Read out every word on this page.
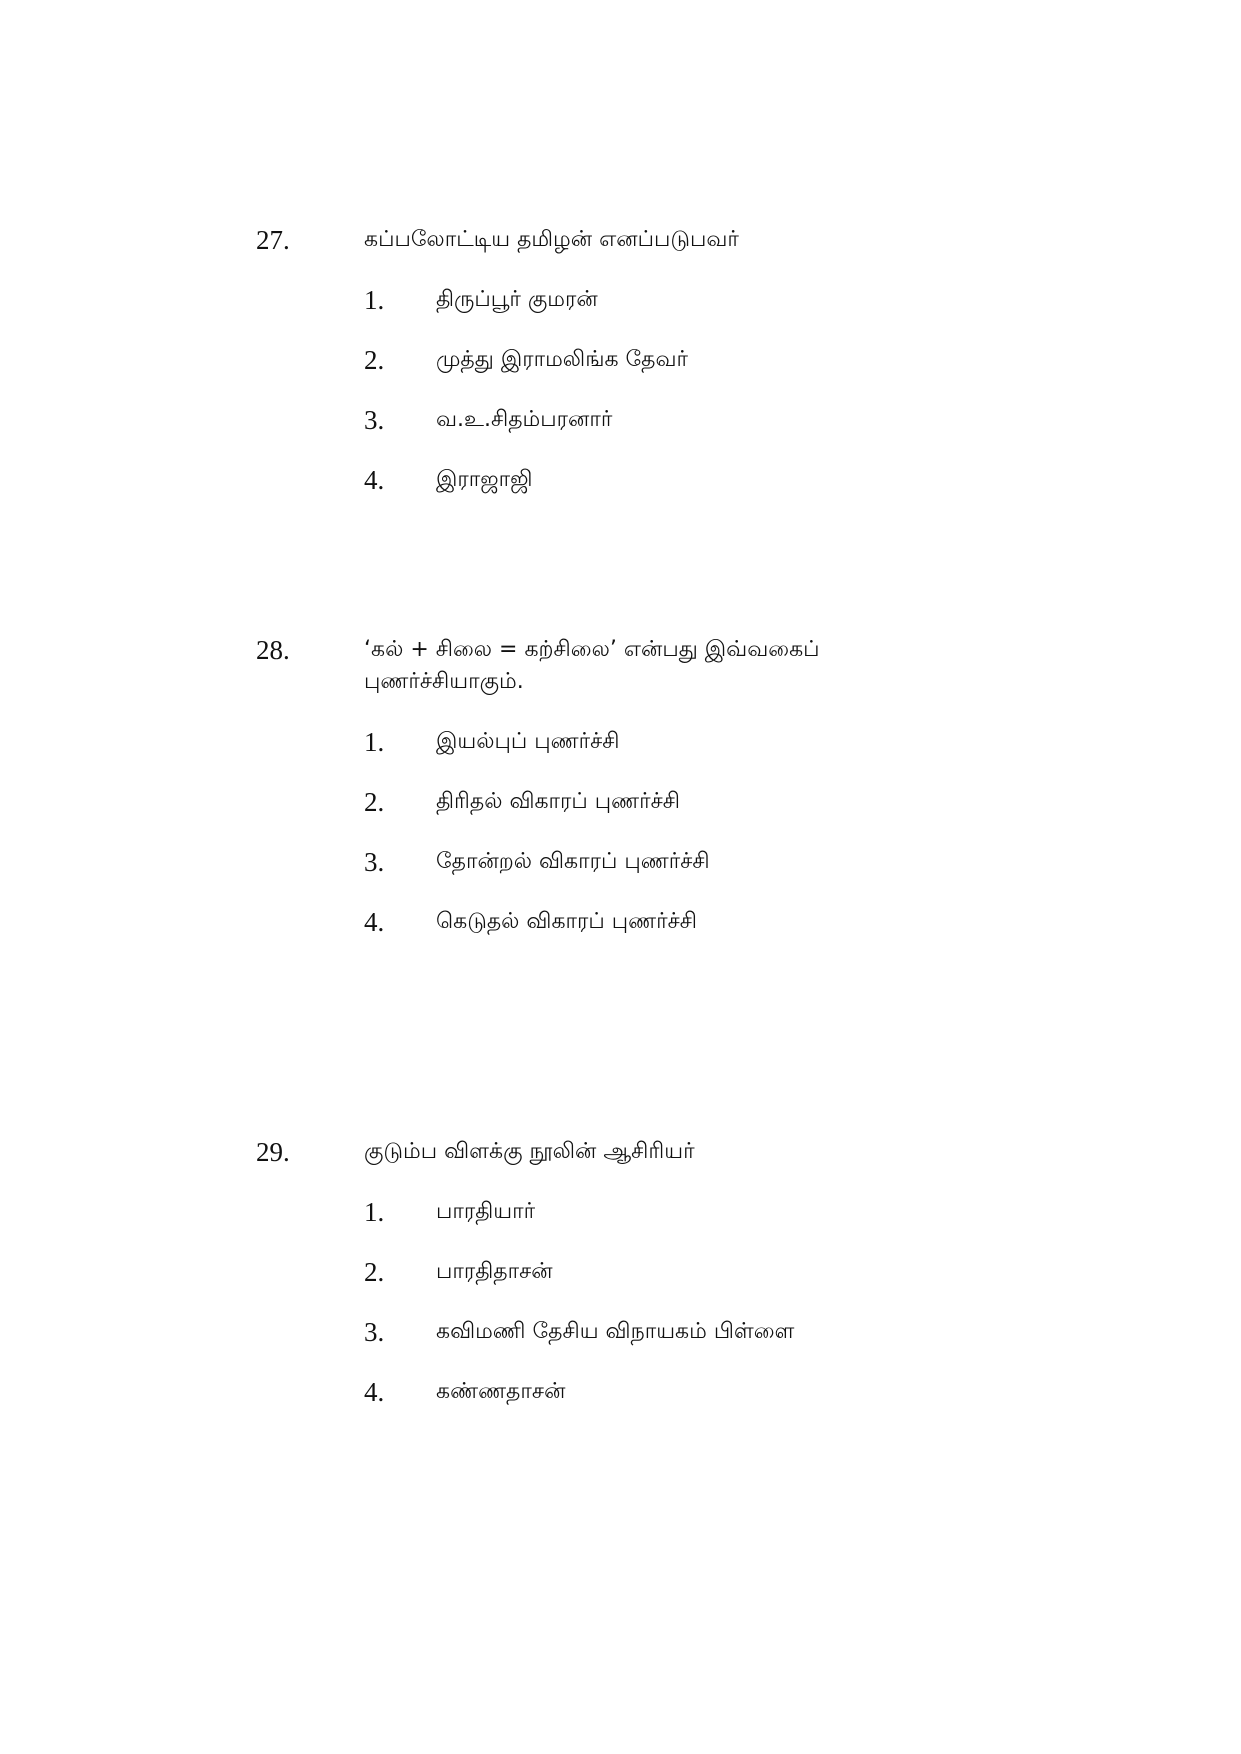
27.	கப்பலோட்டிய தமிழன் எனப்படுபவர்
1. திருப்பூர் குமரன்
2. முத்து இராமலிங்க தேவர்
3. வ.உ.சிதம்பரனார்
4. இராஜாஜி
28.	‘கல் + சிலை = கற்சிலை’ என்பது இவ்வகைப் புணர்ச்சியாகும்.
1. இயல்புப் புணர்ச்சி
2. திரிதல் விகாரப் புணர்ச்சி
3. தோன்றல் விகாரப் புணர்ச்சி
4. கெடுதல் விகாரப் புணர்ச்சி
29.	குடும்ப விளக்கு நூலின் ஆசிரியர்
1. பாரதியார்
2. பாரதிதாசன்
3. கவிமணி தேசிய விநாயகம் பிள்ளை
4. கண்ணதாசன்
